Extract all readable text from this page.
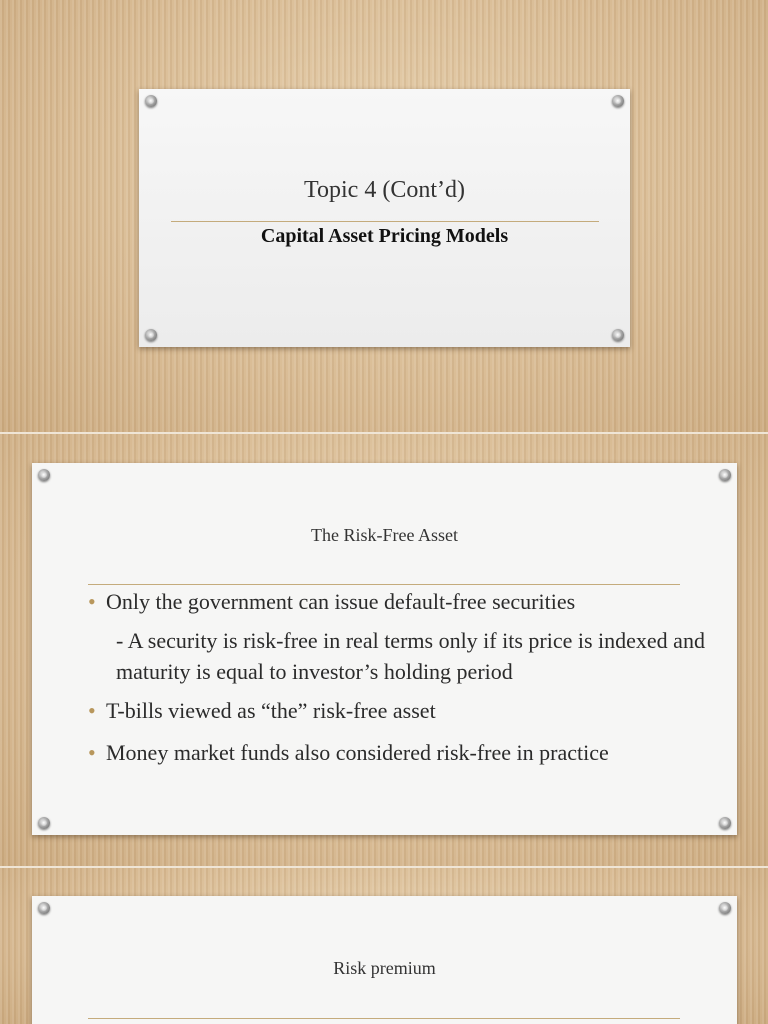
Topic 4 (Cont’d)
Capital Asset Pricing Models
The Risk-Free Asset
• Only the government can issue default-free securities
- A security is risk-free in real terms only if its price is indexed and maturity is equal to investor’s holding period
• T-bills viewed as “the” risk-free asset
• Money market funds also considered risk-free in practice
Risk premium
